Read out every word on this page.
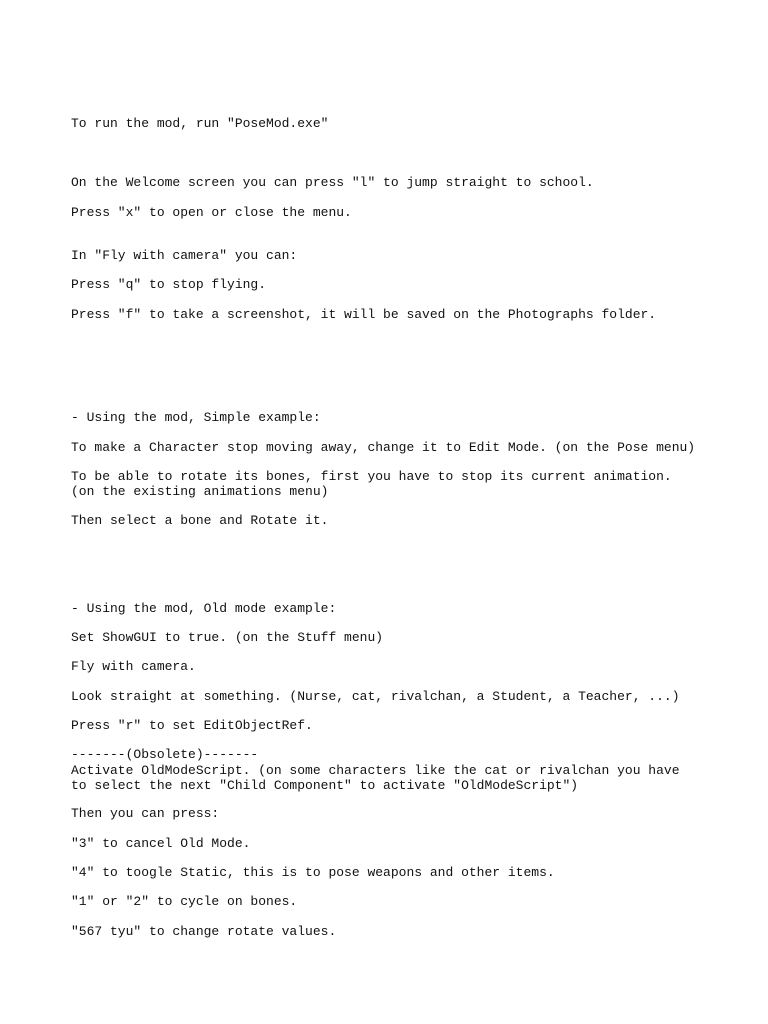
To run the mod, run "PoseMod.exe"

On the Welcome screen you can press "l" to jump straight to school.

Press "x" to open or close the menu.

In "Fly with camera" you can:

Press "q" to stop flying.

Press "f" to take a screenshot, it will be saved on the Photographs folder.

- Using the mod, Simple example:

To make a Character stop moving away, change it to Edit Mode. (on the Pose menu)

To be able to rotate its bones, first you have to stop its current animation. (on the existing animations menu)

Then select a bone and Rotate it.

- Using the mod, Old mode example:

Set ShowGUI to true. (on the Stuff menu)

Fly with camera.

Look straight at something. (Nurse, cat, rivalchan, a Student, a Teacher, ...)

Press "r" to set EditObjectRef.

-------(Obsolete)-------

Activate OldModeScript. (on some characters like the cat or rivalchan you have to select the next "Child Component" to activate "OldModeScript")

Then you can press:

"3" to cancel Old Mode.

"4" to toogle Static, this is to pose weapons and other items.

"1" or "2" to cycle on bones.

"567 tyu" to change rotate values.
